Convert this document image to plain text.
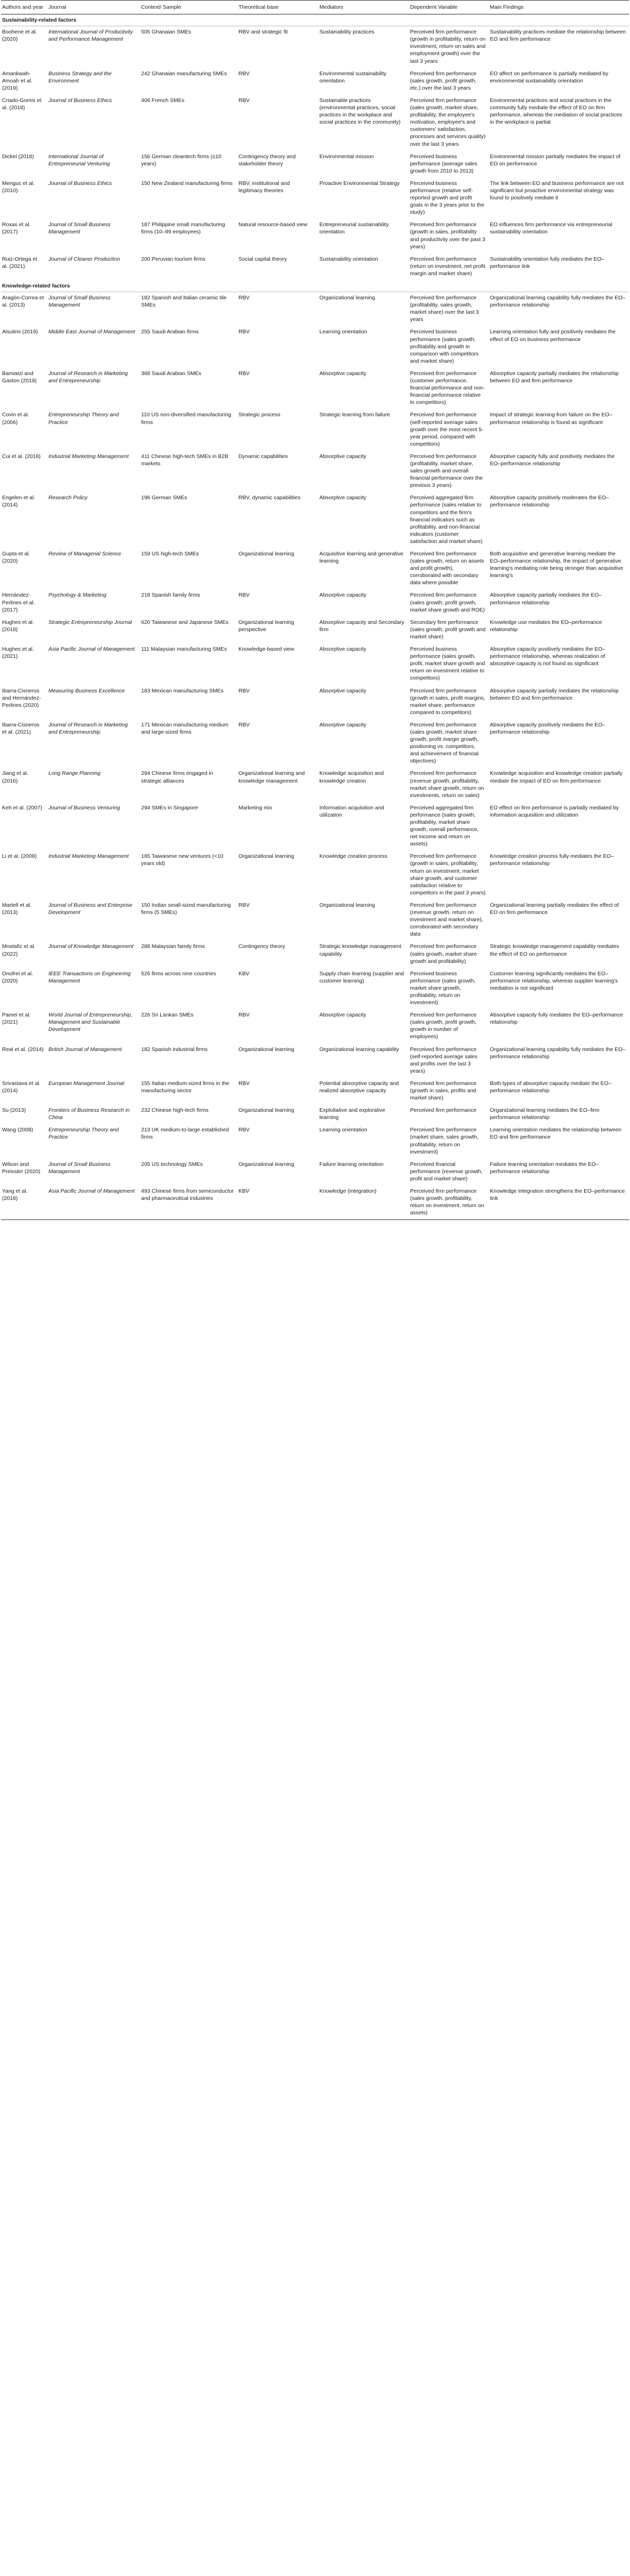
Authors and year	Journal	Context/ Sample	Theoretical base	Mediators	Dependent Variable	Main Findings
Sustainability-related factors						
Boohene et al. (2020)	International Journal of Productivity and Performance Management	505 Ghanaian SMEs	RBV and strategic fit	Sustainability practices	Perceived firm performance (growth in profitability, return on investment, return on sales and employment growth) over the last 3 years	Sustainability practices mediate the relationship between EO and firm performance
Amankwah-Amoah et al. (2019)	Business Strategy and the Environment	242 Ghanaian manufacturing SMEs	RBV	Environmental sustainability orientation	Perceived firm performance (sales growth, profit growth, etc.) over the last 3 years	EO affect on performance is partially mediated by environmental sustainability orientation
Criado-Gomis et al. (2018)	Journal of Business Ethics	406 French SMEs	RBV	Sustainable practices (environmental practices, social practices in the workplace and social practices in the community)	Perceived firm performance (sales growth, market share, profitability, the employee's motivation, employee's and customers' satisfaction, processes and services quality) over the last 3 years	Environmental practices and social practices in the community fully mediate the effect of EO on firm performance, whereas the mediation of social practices in the workplace is partial
Dickel (2018)	International Journal of Entrepreneurial Venturing	156 German cleantech firms (≤10 years)	Contingency theory and stakeholder theory	Environmental mission	Perceived business performance (average sales growth from 2010 to 2013)	Environmental mission partially mediates the impact of EO on performance
Menguc et al. (2010)	Journal of Business Ethics	150 New Zealand manufacturing firms	RBV, institutional and legitimacy theories	Proactive Environmental Strategy	Perceived business performance (relative self-reported growth and profit goals in the 3 years prior to the study)	The link between EO and business performance are not significant but proactive environmental strategy was found to positively mediate it
Roxas et al. (2017)	Journal of Small Business Management	187 Philippine small manufacturing firms (10–99 employees)	Natural resource-based view	Entrepreneurial sustainability orientation	Perceived firm performance (growth in sales, profitability and productivity over the past 3 years)	EO influences firm performance via entrepreneurial sustainability orientation
Ruiz-Ortega et al. (2021)	Journal of Cleaner Production	200 Peruvian tourism firms	Social capital theory	Sustainability orientation	Perceived firm performance (return on investment, net profit margin and market share)	Sustainability orientation fully mediates the EO–performance link
Knowledge-related factors						
Aragón-Correa et al. (2013)	Journal of Small Business Management	182 Spanish and Italian ceramic tile SMEs	RBV	Organizational learning	Perceived firm performance (profitability, sales growth, market share) over the last 3 years	Organizational learning capability fully mediates the EO–performance relationship
Alsulimi (2019)	Middle East Journal of Management	255 Saudi Arabian firms	RBV	Learning orientation	Perceived business performance (sales growth, profitability and growth in comparison with competitors and market share)	Learning orientation fully and positively mediates the effect of EO on business performance
Bamiatzi and Gaston (2019)	Journal of Research in Marketing and Entrepreneurship	368 Saudi Arabian SMEs	RBV	Absorptive capacity	Perceived firm performance (customer performance, financial performance and non-financial performance relative to competitors)	Absorptive capacity partially mediates the relationship between EO and firm performance
Covin et al. (2006)	Entrepreneurship Theory and Practice	110 US non-diversified manufacturing firms	Strategic process	Strategic learning from failure	Perceived firm performance (self-reported average sales growth over the most recent 5-year period, compared with competitors)	Impact of strategic learning from failure on the EO–performance relationship is found as significant
Cui et al. (2018)	Industrial Marketing Management	411 Chinese high-tech SMEs in B2B markets	Dynamic capabilities	Absorptive capacity	Perceived firm performance (profitability, market share, sales growth and overall financial performance over the previous 3 years)	Absorptive capacity fully and positively mediates the EO–performance relationship
Engelen et al. (2014)	Research Policy	196 German SMEs	RBV, dynamic capabilities	Absorptive capacity	Perceived aggregated firm performance (sales relative to competitors and the firm's financial indicators such as profitability, and non-financial indicators (customer satisfaction and market share)	Absorptive capacity positively moderates the EO–performance relationship
Gupta et al. (2020)	Review of Managerial Science	159 US high-tech SMEs	Organizational learning	Acquisitive learning and generative learning	Perceived firm performance (sales growth, return on assets and profit growth), corroborated with secondary data where possible	Both acquisitive and generative learning mediate the EO–performance relationship, the impact of generative learning's mediating role being stronger than acquisitive learning's
Hernández-Perlines et al. (2017)	Psychology & Marketing	218 Spanish family firms	RBV	Absorptive capacity	Perceived firm performance (sales growth, profit growth, market share growth and ROE)	Absorptive capacity partially mediates the EO–performance relationship
Hughes et al. (2018)	Strategic Entrepreneurship Journal	620 Taiwanese and Japanese SMEs	Organizational learning perspective	Absorptive capacity and Secondary firm	Secondary firm performance (sales growth, profit growth and market share)	Knowledge use mediates the EO–performance relationship
Hughes et al. (2021)	Asia Pacific Journal of Management	111 Malaysian manufacturing SMEs	Knowledge-based view	Absorptive capacity	Perceived business performance (sales growth, profit, market share growth and return on investment relative to competitors)	Absorptive capacity positively mediates the EO–performance relationship, whereas realization of absorptive capacity is not found as significant
Ibarra-Cisneros and Hernández-Perlines (2020)	Measuring Business Excellence	183 Mexican manufacturing SMEs	RBV	Absorptive capacity	Perceived firm performance (growth in sales, profit margins, market share, performance compared to competitors)	Absorptive capacity partially mediates the relationship between EO and firm performance
Ibarra-Cisneros et al. (2021)	Journal of Research in Marketing and Entrepreneurship	171 Mexican manufacturing medium and large-sized firms	RBV	Absorptive capacity	Perceived firm performance (sales growth, market share growth, profit margin growth, positioning vs. competitors, and achievement of financial objectives)	Absorptive capacity positively mediates the EO–performance relationship
Jiang et al. (2016)	Long Range Planning	294 Chinese firms engaged in strategic alliances	Organizational learning and knowledge management	Knowledge acquisition and knowledge creation	Perceived firm performance (revenue growth, profitability, market share growth, return on investments, return on sales)	Knowledge acquisition and knowledge creation partially mediate the impact of EO on firm performance
Keh et al. (2007)	Journal of Business Venturing	294 SMEs in Singapore	Marketing mix	Information acquisition and utilization	Perceived aggregated firm performance (sales growth, profitability, market share growth, overall performance, net income and return on assets)	EO effect on firm performance is partially mediated by information acquisition and utilization
Li et al. (2009)	Industrial Marketing Management	165 Taiwanese new ventures (<10 years old)	Organizational learning	Knowledge creation process	Perceived firm performance (growth in sales, profitability, return on investment, market share growth, and customer satisfaction relative to competitors in the past 3 years)	Knowledge creation process fully mediates the EO–performance relationship
Martell et al. (2013)	Journal of Business and Enterprise Development	150 Indian small-sized manufacturing firms (5 SMEs)	RBV	Organizational learning	Perceived firm performance (revenue growth, return on investment and market share), corroborated with secondary data	Organizational learning partially mediates the effect of EO on firm performance
Mostafiz et al. (2022)	Journal of Knowledge Management	288 Malaysian family firms	Contingency theory	Strategic knowledge management capability	Perceived firm performance (sales growth, market share growth and profitability)	Strategic knowledge management capability mediates the effect of EO on performance
Onofrei et al. (2020)	IEEE Transactions on Engineering Management	526 firms across nine countries	KBV	Supply chain learning (supplier and customer learning)	Perceived business performance (sales growth, market share growth, profitability, return on investment)	Customer learning significantly mediates the EO–performance relationship, whereas supplier learning's mediation is not significant
Pamei et al. (2021)	World Journal of Entrepreneurship, Management and Sustainable Development	226 Sri Lankan SMEs	RBV	Absorptive capacity	Perceived firm performance (sales growth, profit growth, growth in number of employees)	Absorptive capacity fully mediates the EO–performance relationship
Real et al. (2014)	British Journal of Management	182 Spanish industrial firms	Organizational learning	Organizational learning capability	Perceived firm performance (self-reported average sales and profits over the last 3 years)	Organizational learning capability fully mediates the EO–performance relationship
Srivastava et al. (2014)	European Management Journal	155 Italian medium-sized firms in the manufacturing sector	RBV	Potential absorptive capacity and realized absorptive capacity	Perceived firm performance (growth in sales, profits and market share)	Both types of absorptive capacity mediate the EO–performance relationship
Su (2013)	Frontiers of Business Research in China	232 Chinese high-tech firms	Organizational learning	Exploitative and explorative learning	Perceived firm performance	Organizational learning mediates the EO–firm performance relationship
Wang (2008)	Entrepreneurship Theory and Practice	213 UK medium-to-large established firms	RBV	Learning orientation	Perceived firm performance (market share, sales growth, profitability, return on investment)	Learning orientation mediates the relationship between EO and firm performance
Wilson and Preissler (2020)	Journal of Small Business Management	205 US technology SMEs	Organizational learning	Failure learning orientation	Perceived financial performance (revenue growth, profit and market share)	Failure learning orientation mediates the EO–performance relationship
Yang et al. (2018)	Asia Pacific Journal of Management	493 Chinese firms from semiconductor and pharmaceutical industries	KBV	Knowledge (integration)	Perceived firm performance (sales growth, profitability, return on investment, return on assets)	Knowledge integration strengthens the EO–performance link
